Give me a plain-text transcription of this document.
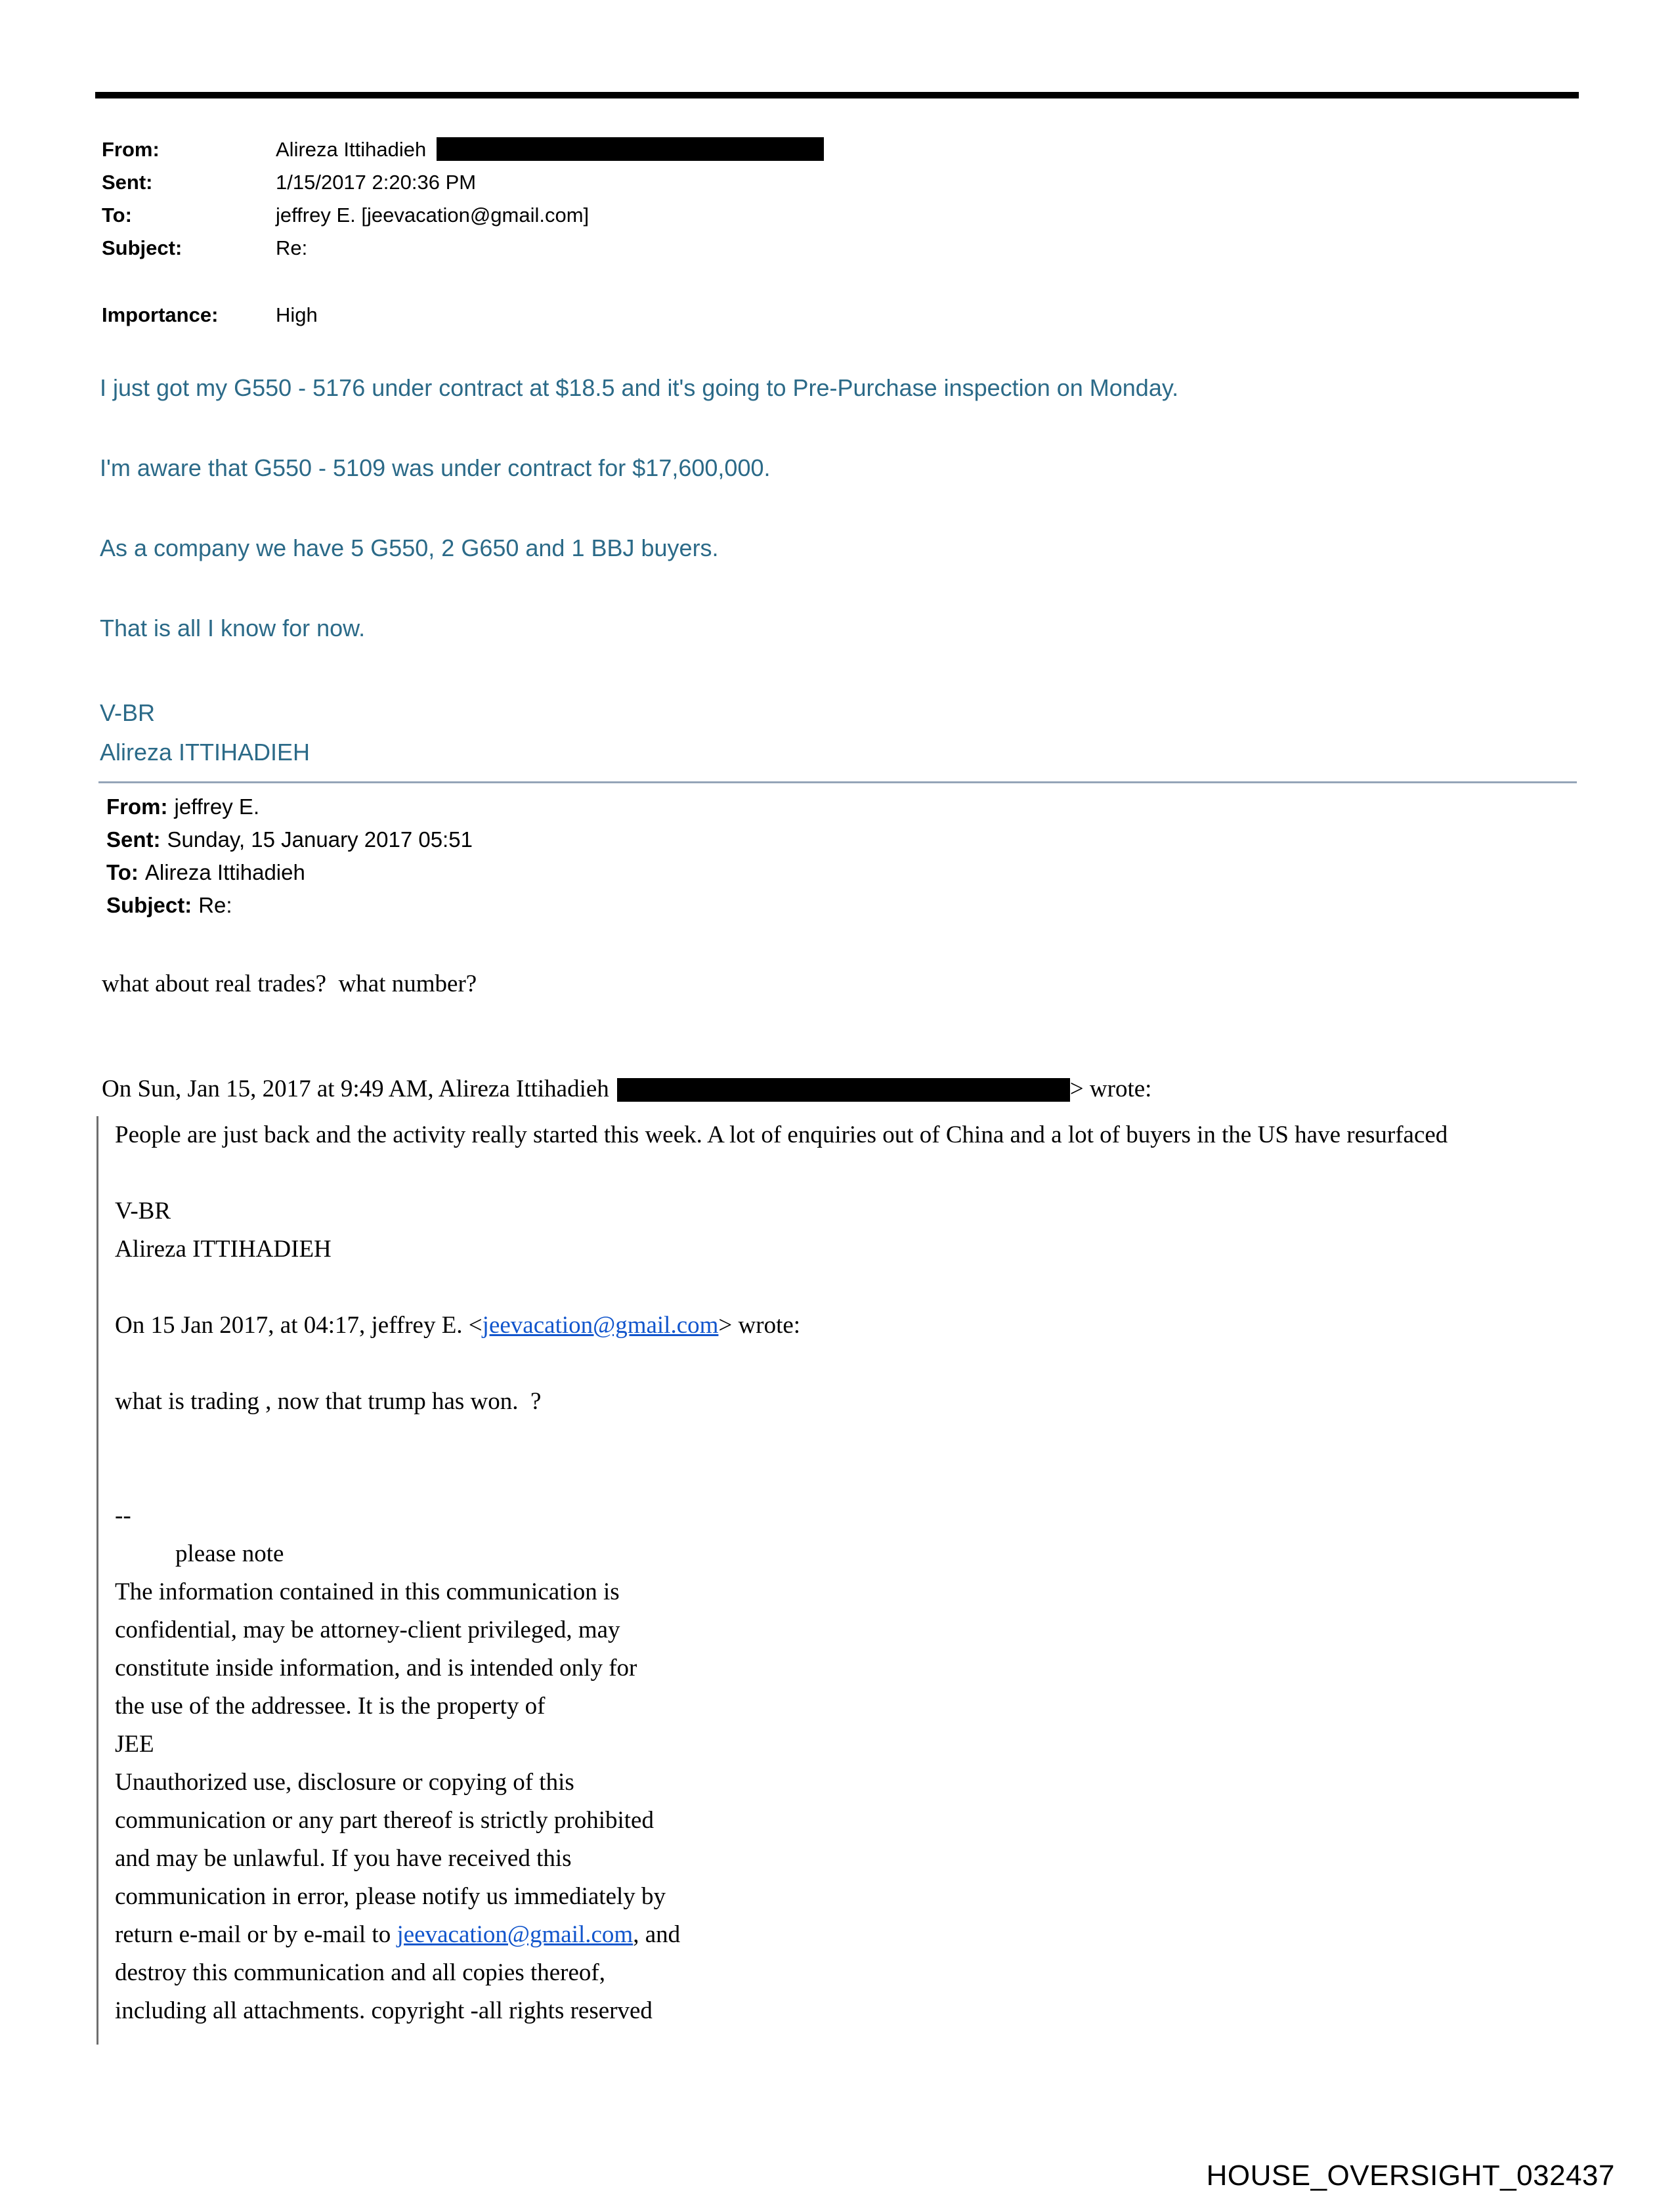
From:	Alireza Ittihadieh
Sent:	1/15/2017 2:20:36 PM
To:	jeffrey E. [jeevacation@gmail.com]
Subject:	Re:
Importance:	High

I just got my G550 - 5176 under contract at $18.5 and it's going to Pre-Purchase inspection on Monday.

I'm aware that G550 - 5109 was under contract for $17,600,000.

As a company we have 5 G550, 2 G650 and 1 BBJ buyers.

That is all I know for now.

V-BR
Alireza ITTIHADIEH
From: jeffrey E.
Sent: Sunday, 15 January 2017 05:51
To: Alireza Ittihadieh
Subject: Re:
what about real trades?  what number?
On Sun, Jan 15, 2017 at 9:49 AM, Alireza Ittihadieh	> wrote:

People are just back and the activity really started this week. A lot of enquiries out of China and a lot of buyers in the US have resurfaced

V-BR
Alireza ITTIHADIEH
On 15 Jan 2017, at 04:17, jeffrey E. <jeevacation@gmail.com> wrote:
what is trading , now that trump has won.  ?
--
please note
The information contained in this communication is
confidential, may be attorney-client privileged, may
constitute inside information, and is intended only for
the use of the addressee. It is the property of
JEE
Unauthorized use, disclosure or copying of this
communication or any part thereof is strictly prohibited
and may be unlawful. If you have received this
communication in error, please notify us immediately by
return e-mail or by e-mail to jeevacation@gmail.com, and
destroy this communication and all copies thereof,
including all attachments. copyright -all rights reserved
HOUSE_OVERSIGHT_032437
